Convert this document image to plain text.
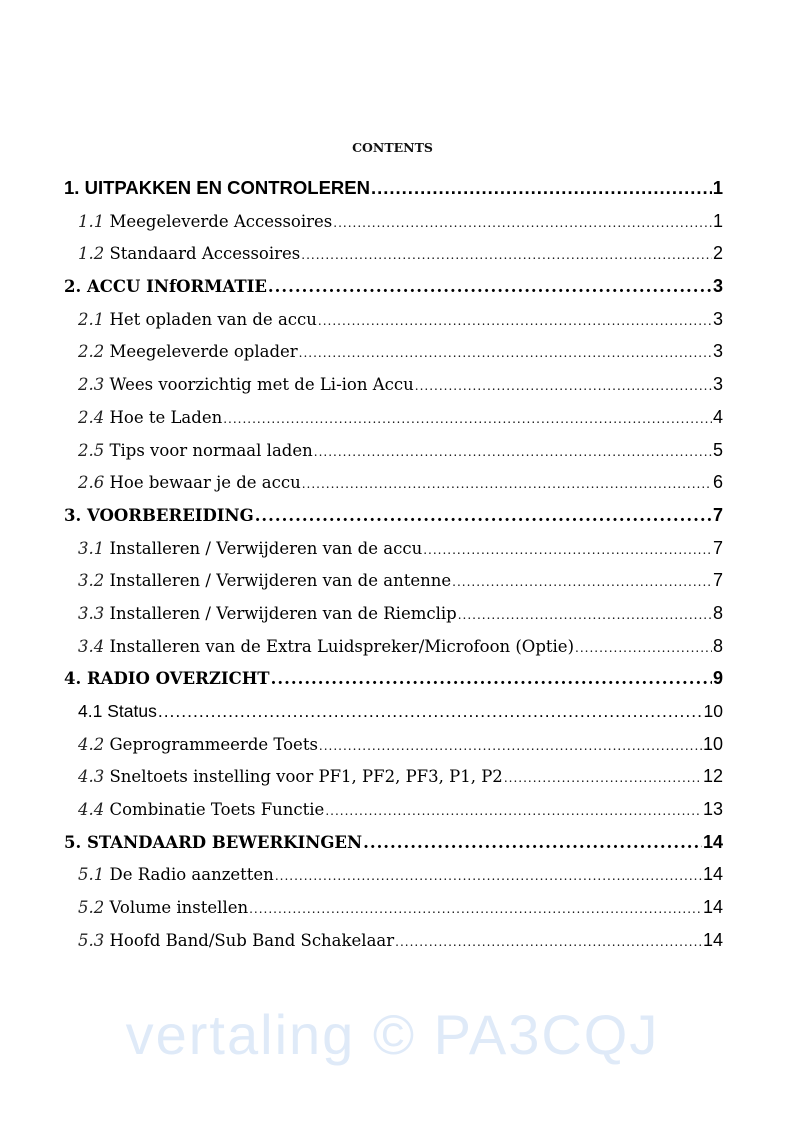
vertaling © PA3CQJ
CONTENTS
1. UITPAKKEN EN CONTROLEREN .....	1
1.1 Meegeleverde Accessoires .....	1
1.2 Standaard Accessoires .....	2
2. ACCU INfORMATIE .....	3
2.1 Het opladen van de accu .....	3
2.2 Meegeleverde oplader .....	3
2.3 Wees voorzichtig met de Li-ion Accu .....	3
2.4 Hoe te Laden .....	4
2.5 Tips voor normaal laden .....	5
2.6 Hoe bewaar je de accu .....	6
3. VOORBEREIDING .....	7
3.1 Installeren / Verwijderen van de accu .....	7
3.2 Installeren / Verwijderen van de antenne .....	7
3.3 Installeren / Verwijderen van de Riemclip .....	8
3.4 Installeren van de Extra Luidspreker/Microfoon (Optie) .....	8
4. RADIO OVERZICHT .....	9
4.1 Status .....	10
4.2 Geprogrammeerde Toets .....	10
4.3 Sneltoets instelling voor PF1, PF2, PF3, P1, P2 .....	12
4.4 Combinatie Toets Functie .....	13
5. STANDAARD BEWERKINGEN .....	14
5.1 De Radio aanzetten .....	14
5.2 Volume instellen .....	14
5.3 Hoofd Band/Sub Band Schakelaar .....	14
